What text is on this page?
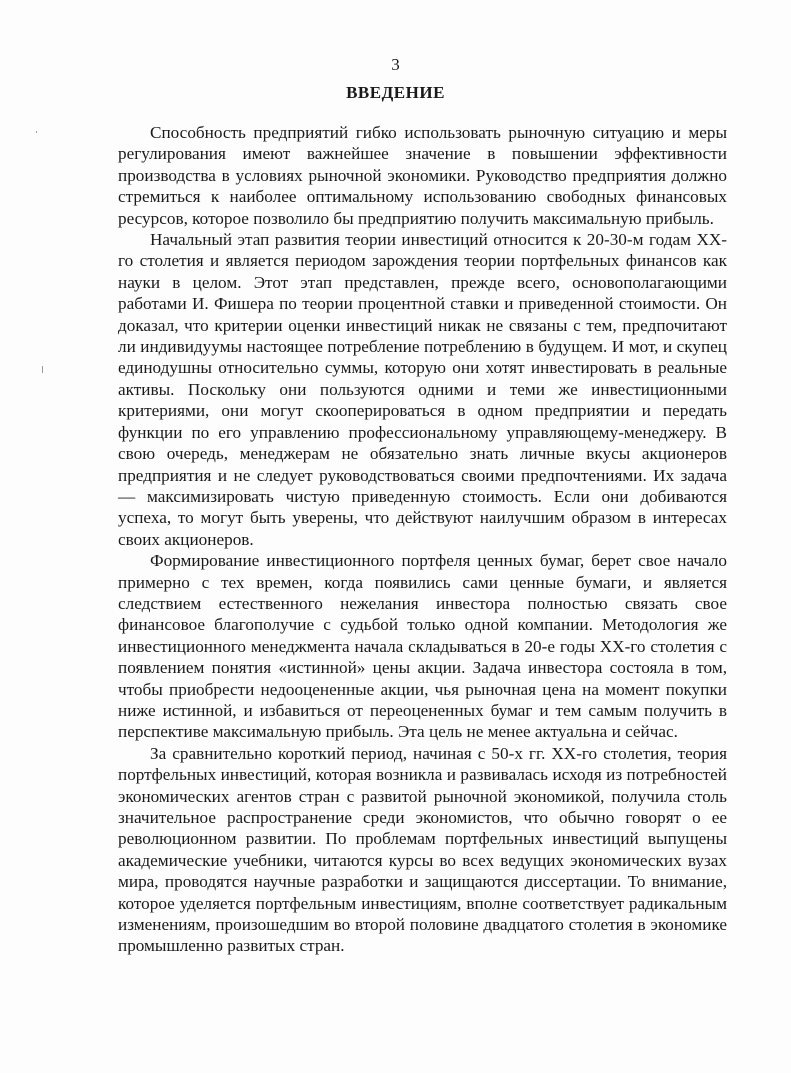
3
ВВЕДЕНИЕ

Способность предприятий гибко использовать рыночную ситуацию и меры регулирования имеют важнейшее значение в повышении эффективности производства в условиях рыночной экономики. Руководство предприятия должно стремиться к наиболее оптимальному использованию свободных финансовых ресурсов, которое позволило бы предприятию получить максимальную прибыль.

Начальный этап развития теории инвестиций относится к 20-30-м годам XX-го столетия и является периодом зарождения теории портфельных финансов как науки в целом. Этот этап представлен, прежде всего, основополагающими работами И. Фишера по теории процентной ставки и приведенной стоимости. Он доказал, что критерии оценки инвестиций никак не связаны с тем, предпочитают ли индивидуумы настоящее потребление потреблению в будущем. И мот, и скупец единодушны относительно суммы, которую они хотят инвестировать в реальные активы. Поскольку они пользуются одними и теми же инвестиционными критериями, они могут скооперироваться в одном предприятии и передать функции по его управлению профессиональному управляющему-менеджеру. В свою очередь, менеджерам не обязательно знать личные вкусы акционеров предприятия и не следует руководствоваться своими предпочтениями. Их задача — максимизировать чистую приведенную стоимость. Если они добиваются успеха, то могут быть уверены, что действуют наилучшим образом в интересах своих акционеров.

Формирование инвестиционного портфеля ценных бумаг, берет свое начало примерно с тех времен, когда появились сами ценные бумаги, и является следствием естественного нежелания инвестора полностью связать свое финансовое благополучие с судьбой только одной компании. Методология же инвестиционного менеджмента начала складываться в 20-е годы XX-го столетия с появлением понятия «истинной» цены акции. Задача инвестора состояла в том, чтобы приобрести недооцененные акции, чья рыночная цена на момент покупки ниже истинной, и избавиться от переоцененных бумаг и тем самым получить в перспективе максимальную прибыль. Эта цель не менее актуальна и сейчас.

За сравнительно короткий период, начиная с 50-х гг. XX-го столетия, теория портфельных инвестиций, которая возникла и развивалась исходя из потребностей экономических агентов стран с развитой рыночной экономикой, получила столь значительное распространение среди экономистов, что обычно говорят о ее революционном развитии. По проблемам портфельных инвестиций выпущены академические учебники, читаются курсы во всех ведущих экономических вузах мира, проводятся научные разработки и защищаются диссертации. То внимание, которое уделяется портфельным инвестициям, вполне соответствует радикальным изменениям, произошедшим во второй половине двадцатого столетия в экономике промышленно развитых стран.
